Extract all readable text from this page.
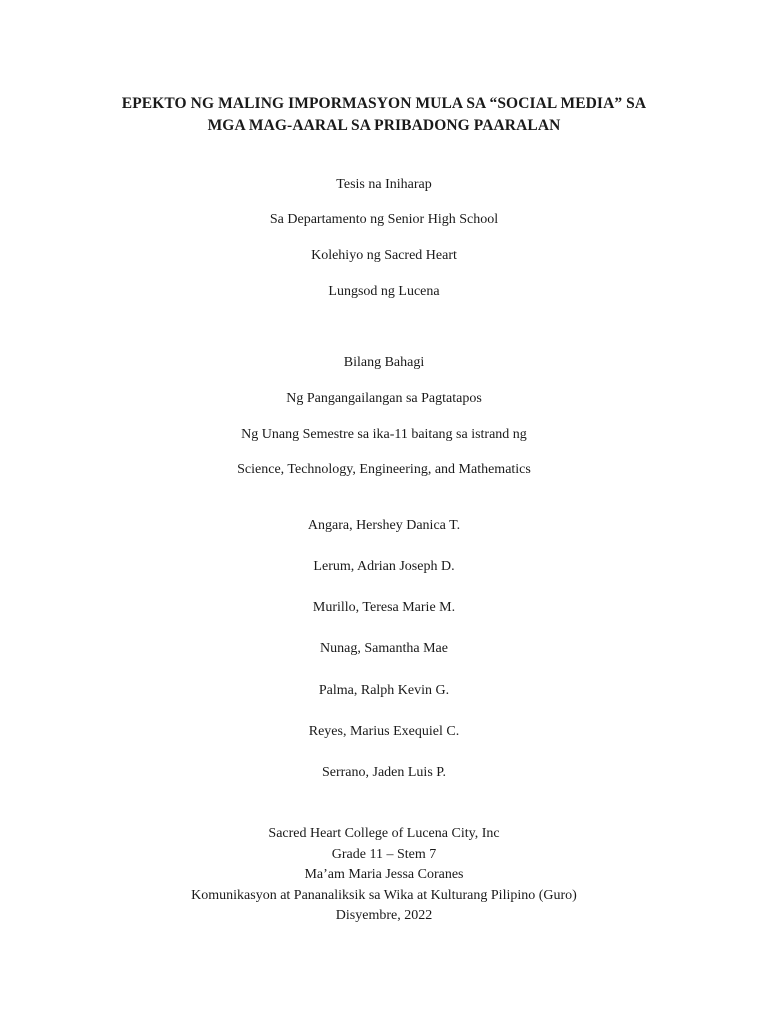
EPEKTO NG MALING IMPORMASYON MULA SA “SOCIAL MEDIA” SA
MGA MAG-AARAL SA PRIBADONG PAARALAN
Tesis na Iniharap
Sa Departamento ng Senior High School
Kolehiyo ng Sacred Heart
Lungsod ng Lucena
Bilang Bahagi
Ng Pangangailangan sa Pagtatapos
Ng Unang Semestre sa ika-11 baitang sa istrand ng
Science, Technology, Engineering, and Mathematics
Angara, Hershey Danica T.
Lerum, Adrian Joseph D.
Murillo, Teresa Marie M.
Nunag, Samantha Mae
Palma, Ralph Kevin G.
Reyes, Marius Exequiel C.
Serrano, Jaden Luis P.
Sacred Heart College of Lucena City, Inc
Grade 11 – Stem 7
Ma’am Maria Jessa Coranes
Komunikasyon at Pananaliksik sa Wika at Kulturang Pilipino (Guro)
Disyembre, 2022
